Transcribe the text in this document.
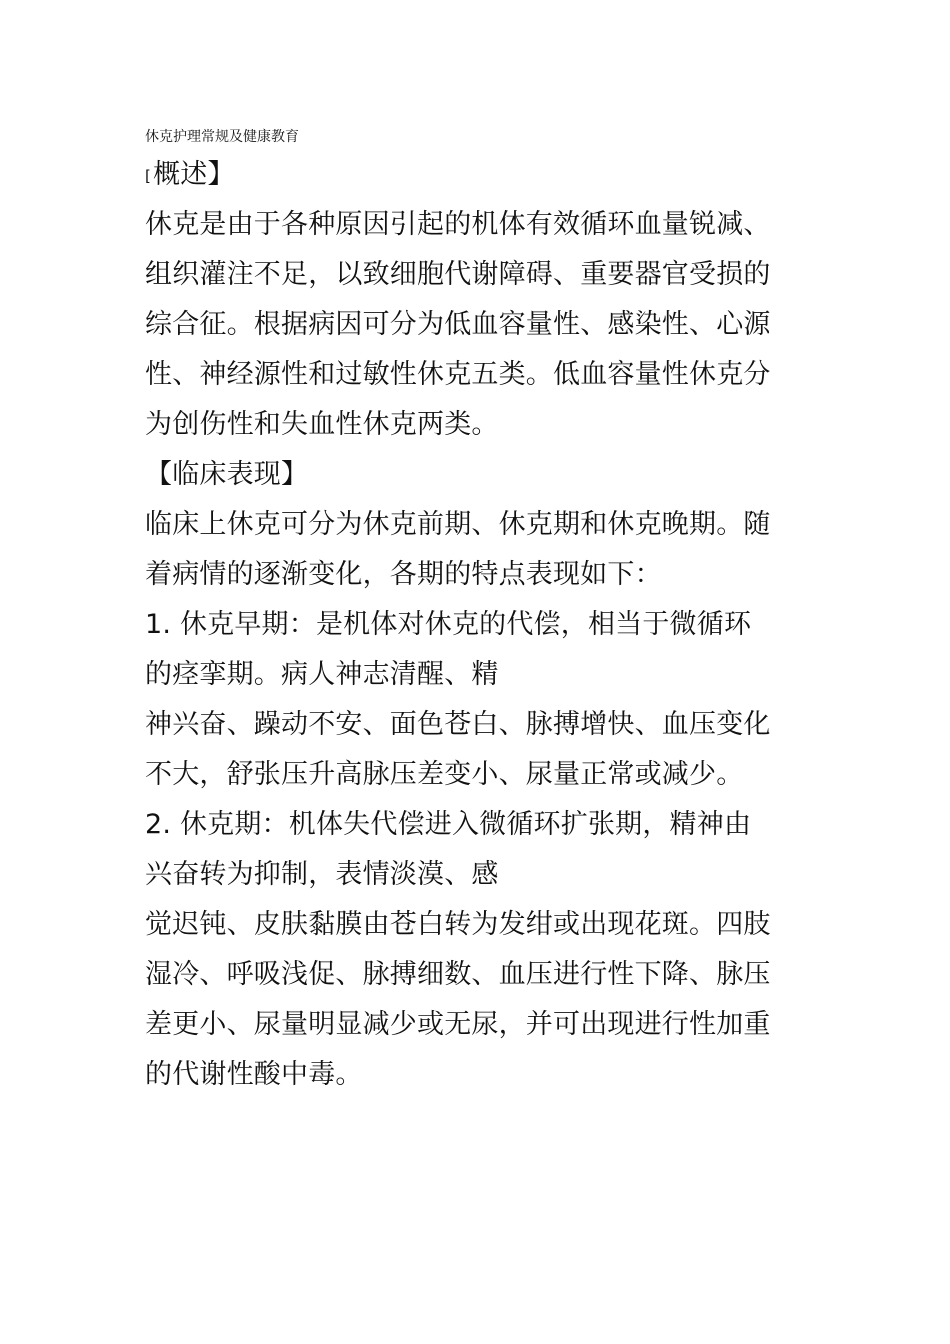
休克护理常规及健康教育
[概述】
休克是由于各种原因引起的机体有效循环血量锐减、
组织灌注不足，以致细胞代谢障碍、重要器官受损的
综合征。根据病因可分为低血容量性、感染性、心源
性、神经源性和过敏性休克五类。低血容量性休克分
为创伤性和失血性休克两类。
【临床表现】
临床上休克可分为休克前期、休克期和休克晚期。随
着病情的逐渐变化，各期的特点表现如下：
1. 休克早期：是机体对休克的代偿，相当于微循环
的痉挛期。病人神志清醒、精
神兴奋、躁动不安、面色苍白、脉搏增快、血压变化
不大，舒张压升高脉压差变小、尿量正常或减少。
2. 休克期：机体失代偿进入微循环扩张期，精神由
兴奋转为抑制，表情淡漠、感
觉迟钝、皮肤黏膜由苍白转为发绀或出现花斑。四肢
湿冷、呼吸浅促、脉搏细数、血压进行性下降、脉压
差更小、尿量明显减少或无尿，并可出现进行性加重
的代谢性酸中毒。
